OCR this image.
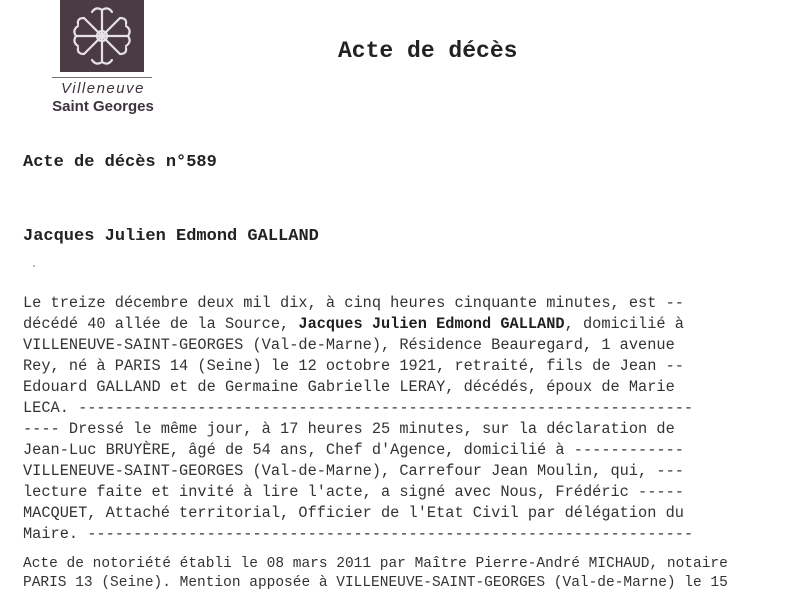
Villeneuve
Saint Georges
Acte de décès
Acte de décès n°589
Jacques Julien Edmond GALLAND
Le treize décembre deux mil dix, à cinq heures cinquante minutes, est --
décédé 40 allée de la Source, Jacques Julien Edmond GALLAND, domicilié à
VILLENEUVE-SAINT-GEORGES (Val-de-Marne), Résidence Beauregard, 1 avenue
Rey, né à PARIS 14 (Seine) le 12 octobre 1921, retraité, fils de Jean --
Edouard GALLAND et de Germaine Gabrielle LERAY, décédés, époux de Marie
LECA. -------------------------------------------------------------------
---- Dressé le même jour, à 17 heures 25 minutes, sur la déclaration de
Jean-Luc BRUYÈRE, âgé de 54 ans, Chef d'Agence, domicilié à ------------
VILLENEUVE-SAINT-GEORGES (Val-de-Marne), Carrefour Jean Moulin, qui, ---
lecture faite et invité à lire l'acte, a signé avec Nous, Frédéric -----
MACQUET, Attaché territorial, Officier de l'Etat Civil par délégation du
Maire. ------------------------------------------------------------------
Acte de notoriété établi le 08 mars 2011 par Maître Pierre-André MICHAUD, notaire
PARIS 13 (Seine). Mention apposée à VILLENEUVE-SAINT-GEORGES (Val-de-Marne) le 15
